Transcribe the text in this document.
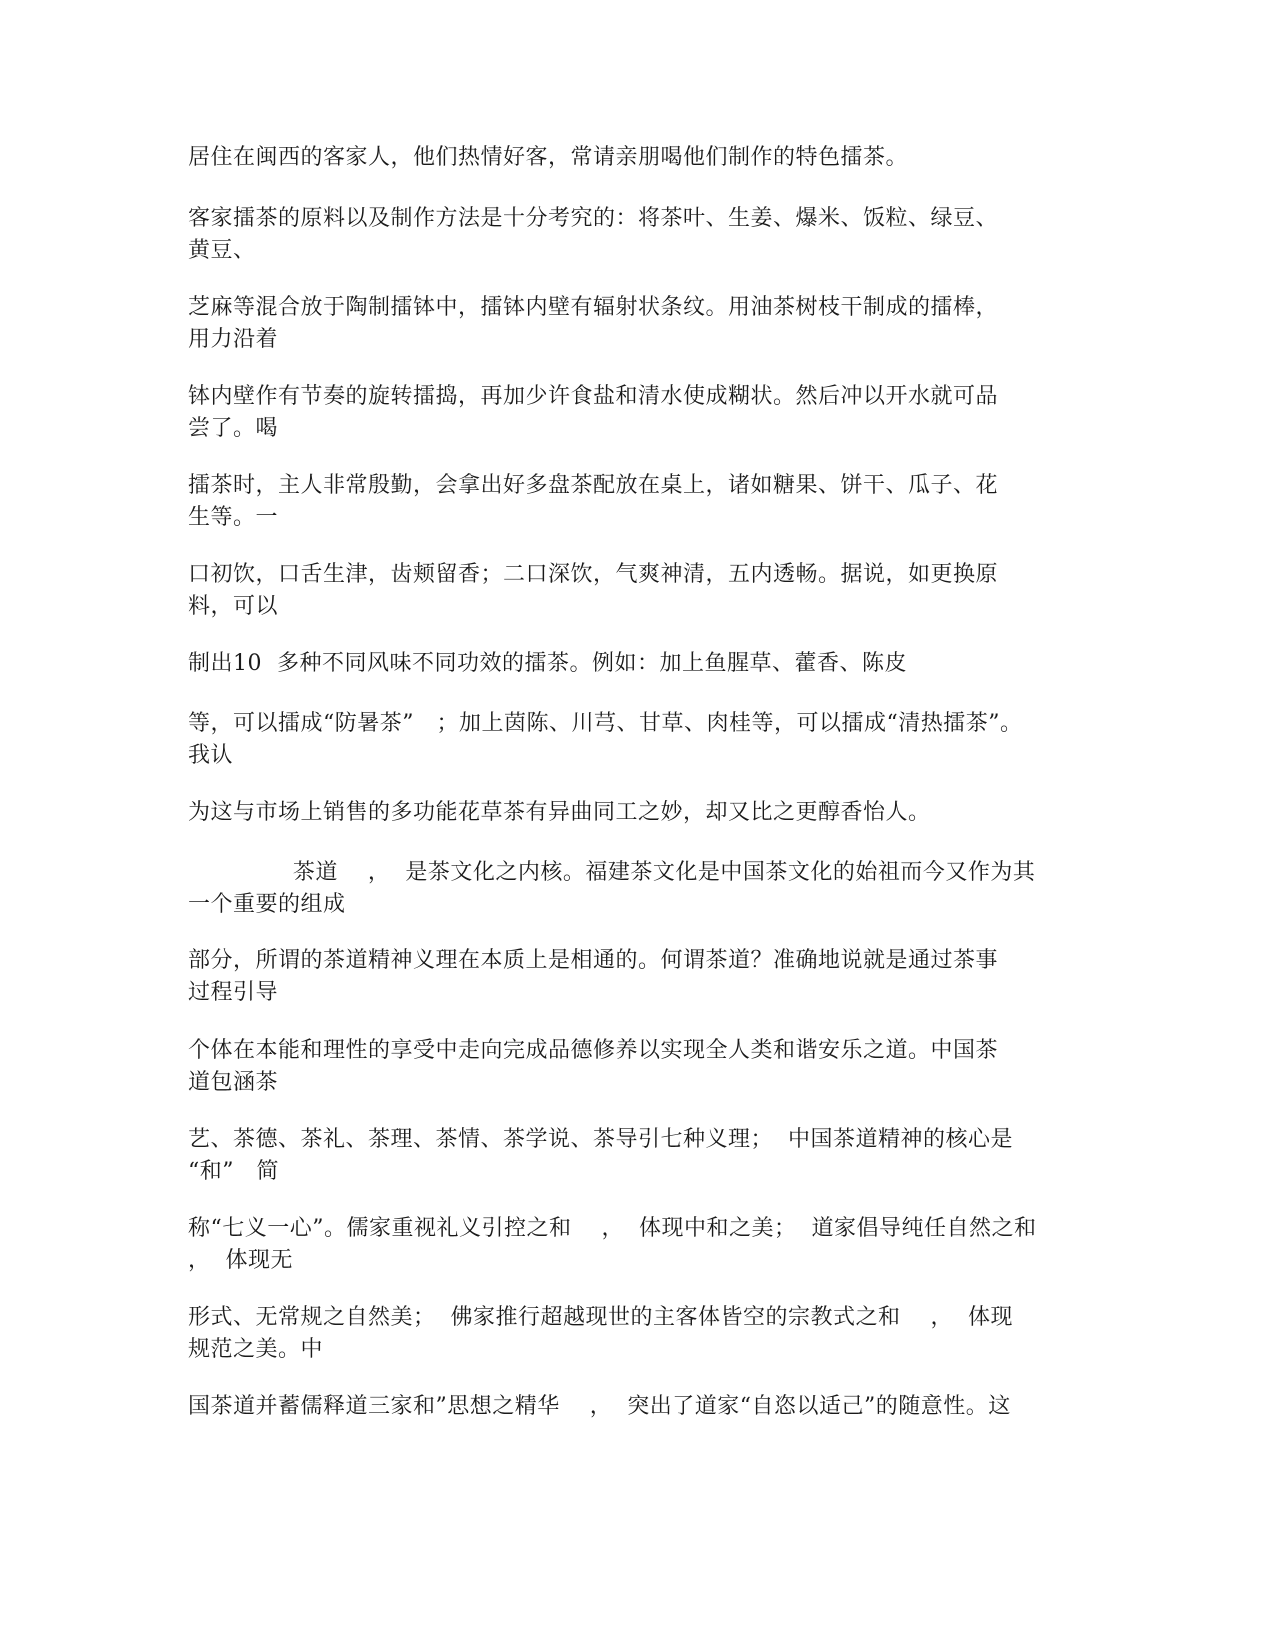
居住在闽西的客家人，他们热情好客，常请亲朋喝他们制作的特色擂茶。
客家擂茶的原料以及制作方法是十分考究的：将茶叶、生姜、爆米、饭粒、绿豆、
黄豆、
芝麻等混合放于陶制擂钵中，擂钵内壁有辐射状条纹。用油茶树枝干制成的擂棒，
用力沿着
钵内壁作有节奏的旋转擂捣，再加少许食盐和清水使成糊状。然后冲以开水就可品
尝了。喝
擂茶时，主人非常殷勤，会拿出好多盘茶配放在桌上，诸如糖果、饼干、瓜子、花
生等。一
口初饮，口舌生津，齿颊留香；二口深饮，气爽神清，五内透畅。据说，如更换原
料，可以
制出10  多种不同风味不同功效的擂茶。例如：加上鱼腥草、藿香、陈皮
等，可以擂成“防暑茶”   ；加上茵陈、川芎、甘草、肉桂等，可以擂成“清热擂茶”。
我认
为这与市场上销售的多功能花草茶有异曲同工之妙，却又比之更醇香怡人。
茶道    ，  是茶文化之内核。福建茶文化是中国茶文化的始祖而今又作为其
一个重要的组成
部分，所谓的茶道精神义理在本质上是相通的。何谓茶道？准确地说就是通过茶事
过程引导
个体在本能和理性的享受中走向完成品德修养以实现全人类和谐安乐之道。中国茶
道包涵茶
艺、茶德、茶礼、茶理、茶情、茶学说、茶导引七种义理；  中国茶道精神的核心是
“和”   简
称“七义一心”。儒家重视礼义引控之和    ，  体现中和之美；  道家倡导纯任自然之和
，  体现无
形式、无常规之自然美；  佛家推行超越现世的主客体皆空的宗教式之和    ，  体现
规范之美。中
国茶道并蓄儒释道三家和”思想之精华    ，  突出了道家“自恣以适己”的随意性。这
